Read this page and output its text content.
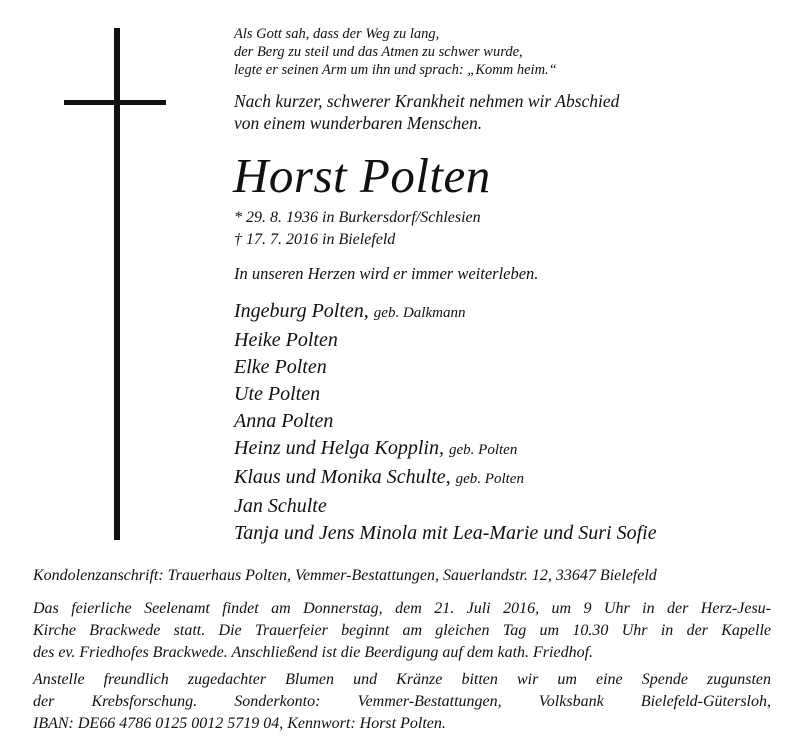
Als Gott sah, dass der Weg zu lang,
der Berg zu steil und das Atmen zu schwer wurde,
legte er seinen Arm um ihn und sprach: „Komm heim.“
Nach kurzer, schwerer Krankheit nehmen wir Abschied
von einem wunderbaren Menschen.
Horst Polten
* 29. 8. 1936 in Burkersdorf/Schlesien
† 17. 7. 2016 in Bielefeld
In unseren Herzen wird er immer weiterleben.
Ingeburg Polten, geb. Dalkmann
Heike Polten
Elke Polten
Ute Polten
Anna Polten
Heinz und Helga Kopplin, geb. Polten
Klaus und Monika Schulte, geb. Polten
Jan Schulte
Tanja und Jens Minola mit Lea-Marie und Suri Sofie
Kondolenzanschrift: Trauerhaus Polten, Vemmer-Bestattungen, Sauerlandstr. 12, 33647 Bielefeld
Das feierliche Seelenamt findet am Donnerstag, dem 21. Juli 2016, um 9 Uhr in der Herz-Jesu-
Kirche Brackwede statt. Die Trauerfeier beginnt am gleichen Tag um 10.30 Uhr in der Kapelle
des ev. Friedhofes Brackwede. Anschließend ist die Beerdigung auf dem kath. Friedhof.
Anstelle freundlich zugedachter Blumen und Kränze bitten wir um eine Spende zugunsten
der Krebsforschung. Sonderkonto: Vemmer-Bestattungen, Volksbank Bielefeld-Gütersloh,
IBAN: DE66 4786 0125 0012 5719 04, Kennwort: Horst Polten.
